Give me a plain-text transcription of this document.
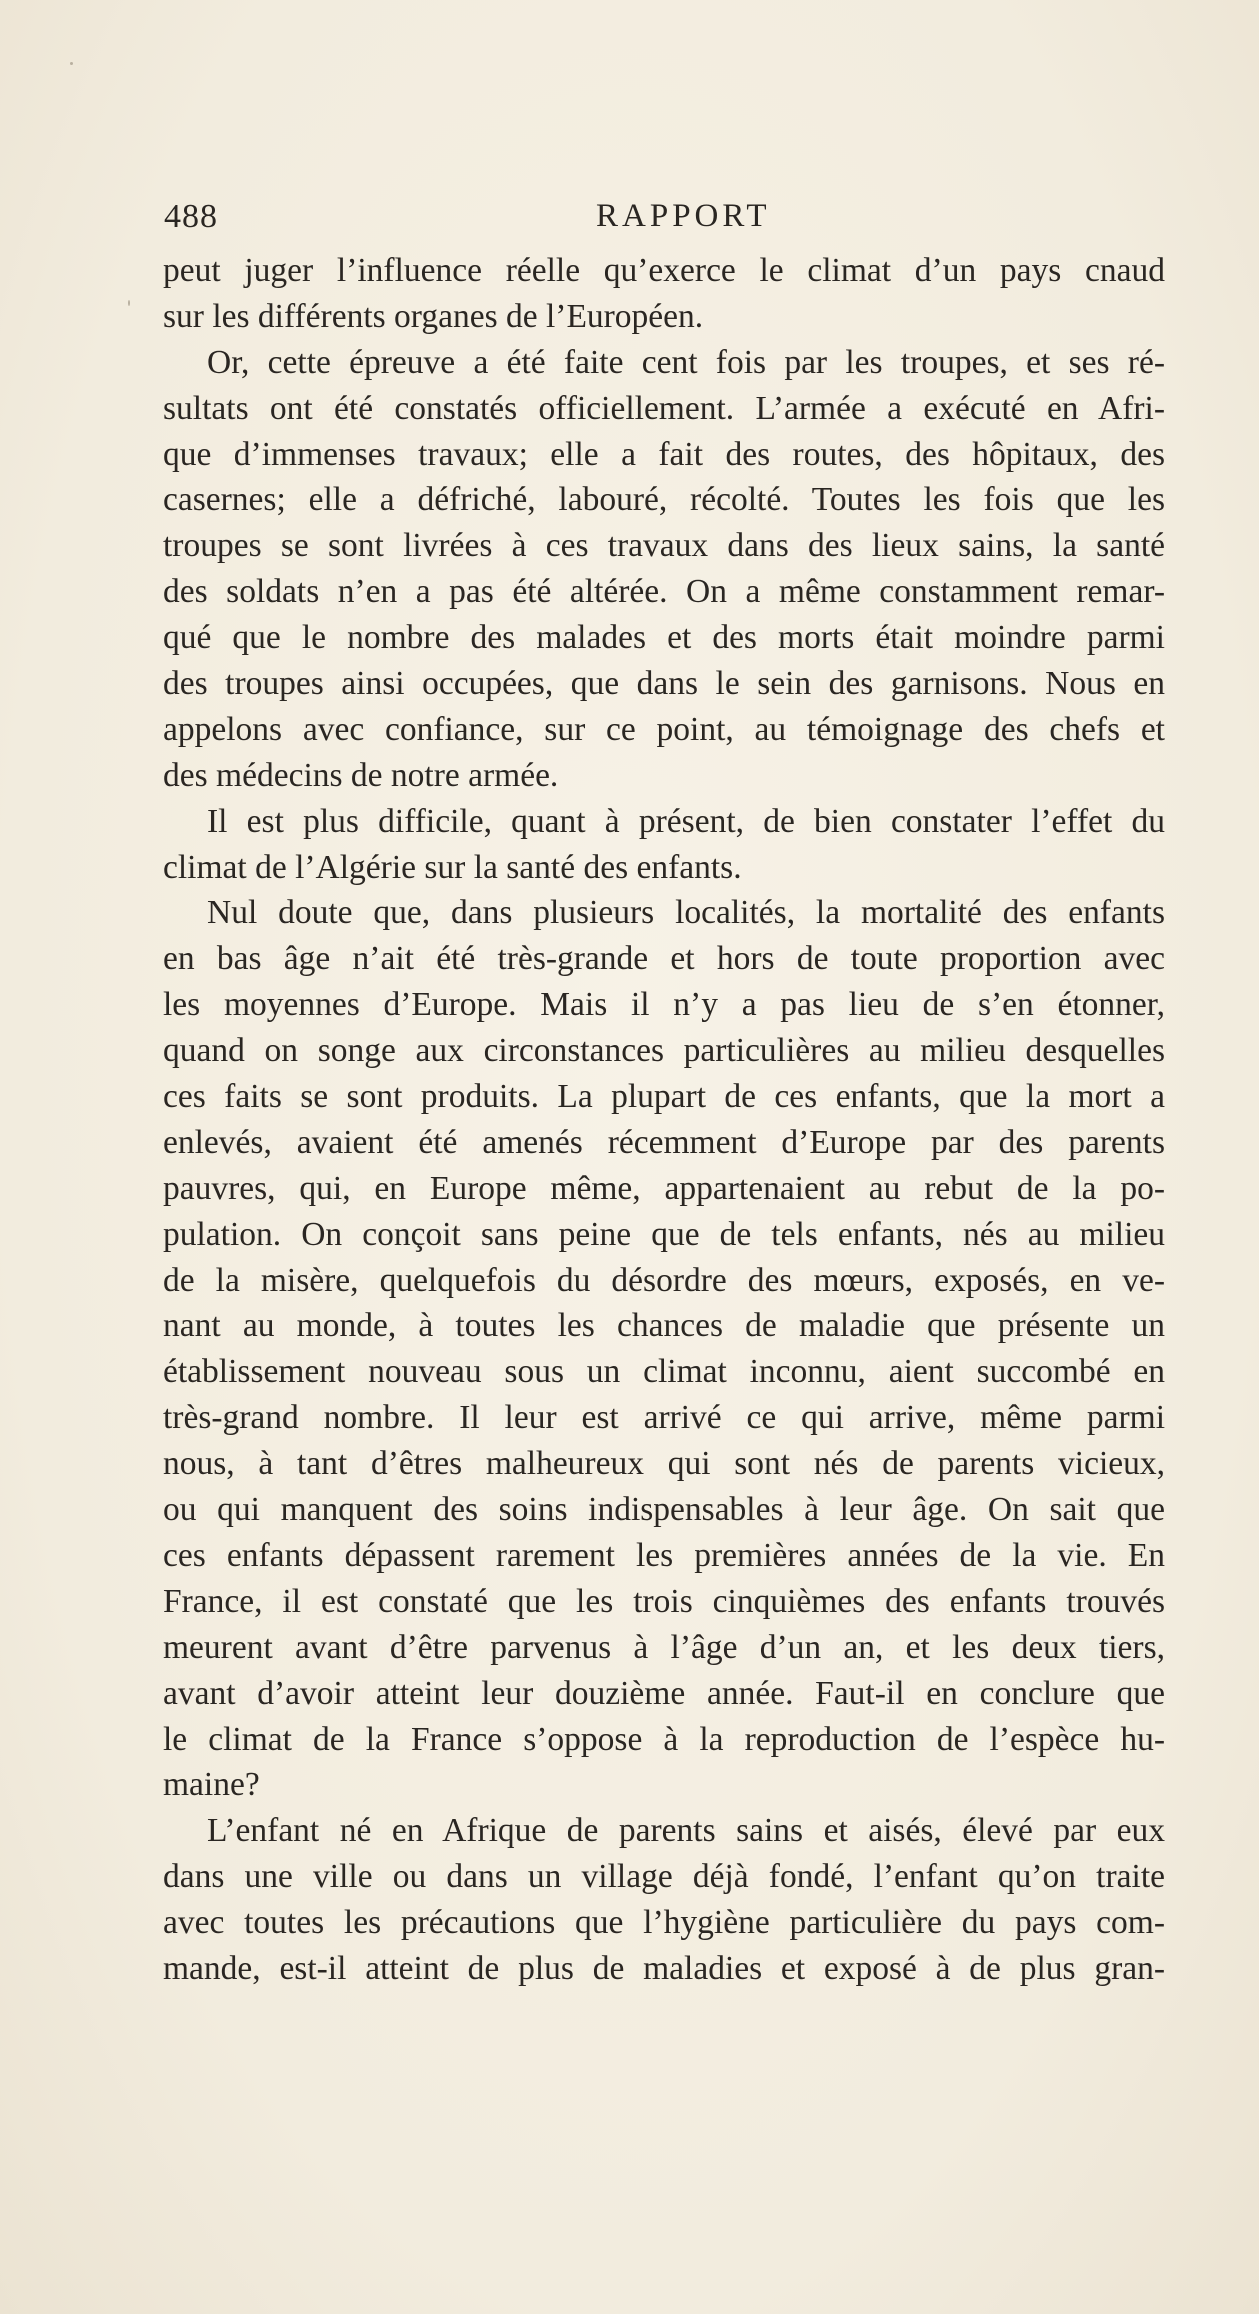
488	RAPPORT
peut juger l’influence réelle qu’exerce le climat d’un pays cnaud
sur les différents organes de l’Européen.
Or, cette épreuve a été faite cent fois par les troupes, et ses ré-
sultats ont été constatés officiellement. L’armée a exécuté en Afri-
que d’immenses travaux; elle a fait des routes, des hôpitaux, des
casernes; elle a défriché, labouré, récolté. Toutes les fois que les
troupes se sont livrées à ces travaux dans des lieux sains, la santé
des soldats n’en a pas été altérée. On a même constamment remar-
qué que le nombre des malades et des morts était moindre parmi
des troupes ainsi occupées, que dans le sein des garnisons. Nous en
appelons avec confiance, sur ce point, au témoignage des chefs et
des médecins de notre armée.
Il est plus difficile, quant à présent, de bien constater l’effet du
climat de l’Algérie sur la santé des enfants.
Nul doute que, dans plusieurs localités, la mortalité des enfants
en bas âge n’ait été très-grande et hors de toute proportion avec
les moyennes d’Europe. Mais il n’y a pas lieu de s’en étonner,
quand on songe aux circonstances particulières au milieu desquelles
ces faits se sont produits. La plupart de ces enfants, que la mort a
enlevés, avaient été amenés récemment d’Europe par des parents
pauvres, qui, en Europe même, appartenaient au rebut de la po-
pulation. On conçoit sans peine que de tels enfants, nés au milieu
de la misère, quelquefois du désordre des mœurs, exposés, en ve-
nant au monde, à toutes les chances de maladie que présente un
établissement nouveau sous un climat inconnu, aient succombé en
très-grand nombre. Il leur est arrivé ce qui arrive, même parmi
nous, à tant d’êtres malheureux qui sont nés de parents vicieux,
ou qui manquent des soins indispensables à leur âge. On sait que
ces enfants dépassent rarement les premières années de la vie. En
France, il est constaté que les trois cinquièmes des enfants trouvés
meurent avant d’être parvenus à l’âge d’un an, et les deux tiers,
avant d’avoir atteint leur douzième année. Faut-il en conclure que
le climat de la France s’oppose à la reproduction de l’espèce hu-
maine?
L’enfant né en Afrique de parents sains et aisés, élevé par eux
dans une ville ou dans un village déjà fondé, l’enfant qu’on traite
avec toutes les précautions que l’hygiène particulière du pays com-
mande, est-il atteint de plus de maladies et exposé à de plus gran-
